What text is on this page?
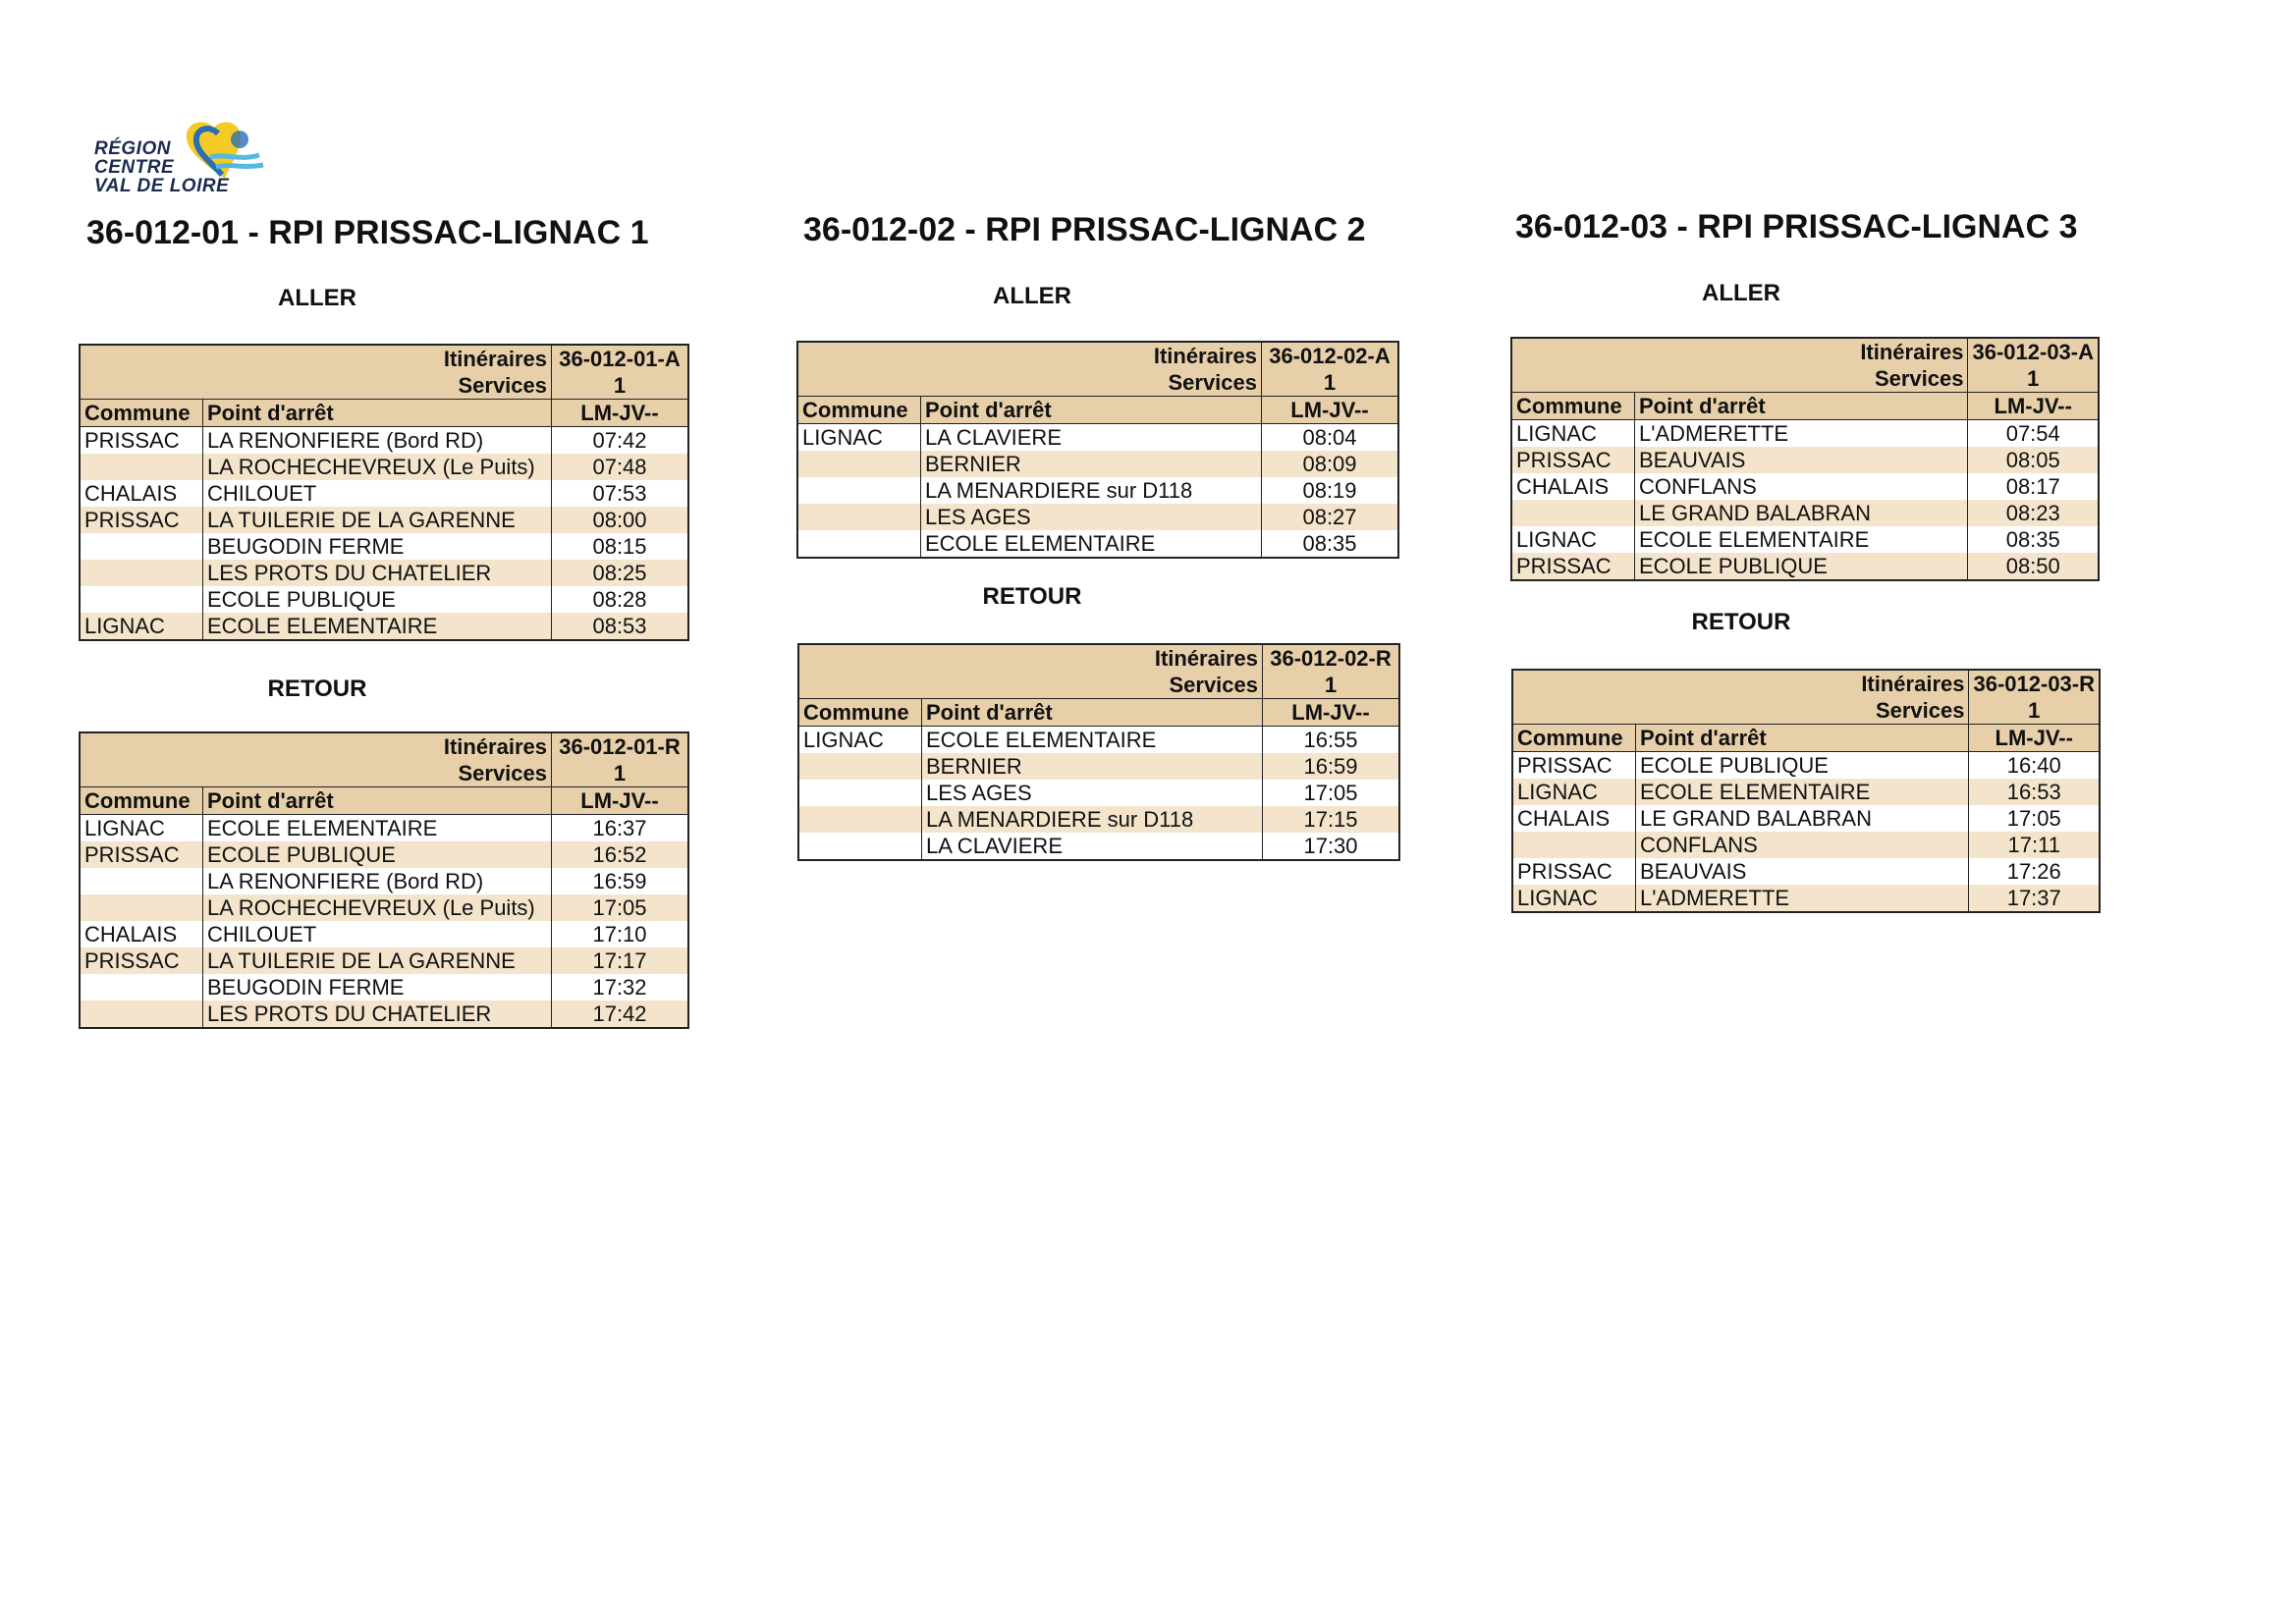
RÉGION
CENTRE
VAL DE LOIRE
36-012-01 - RPI PRISSAC-LIGNAC 1
ALLER
Itinéraires		36-012-01-A
Services		1
Commune	Point d'arrêt	LM-JV--
PRISSAC	LA RENONFIERE (Bord RD)	07:42
	LA ROCHECHEVREUX (Le Puits)	07:48
CHALAIS	CHILOUET	07:53
PRISSAC	LA TUILERIE DE LA GARENNE	08:00
	BEUGODIN FERME	08:15
	LES PROTS DU CHATELIER	08:25
	ECOLE PUBLIQUE	08:28
LIGNAC	ECOLE ELEMENTAIRE	08:53
RETOUR
Itinéraires		36-012-01-R
Services		1
Commune	Point d'arrêt	LM-JV--
LIGNAC	ECOLE ELEMENTAIRE	16:37
PRISSAC	ECOLE PUBLIQUE	16:52
	LA RENONFIERE (Bord RD)	16:59
	LA ROCHECHEVREUX (Le Puits)	17:05
CHALAIS	CHILOUET	17:10
PRISSAC	LA TUILERIE DE LA GARENNE	17:17
	BEUGODIN FERME	17:32
	LES PROTS DU CHATELIER	17:42
36-012-02 - RPI PRISSAC-LIGNAC 2
ALLER
Itinéraires		36-012-02-A
Services		1
Commune	Point d'arrêt	LM-JV--
LIGNAC	LA CLAVIERE	08:04
	BERNIER	08:09
	LA MENARDIERE sur D118	08:19
	LES AGES	08:27
	ECOLE ELEMENTAIRE	08:35
RETOUR
Itinéraires		36-012-02-R
Services		1
Commune	Point d'arrêt	LM-JV--
LIGNAC	ECOLE ELEMENTAIRE	16:55
	BERNIER	16:59
	LES AGES	17:05
	LA MENARDIERE sur D118	17:15
	LA CLAVIERE	17:30
36-012-03 - RPI PRISSAC-LIGNAC 3
ALLER
Itinéraires		36-012-03-A
Services		1
Commune	Point d'arrêt	LM-JV--
LIGNAC	L'ADMERETTE	07:54
PRISSAC	BEAUVAIS	08:05
CHALAIS	CONFLANS	08:17
	LE GRAND BALABRAN	08:23
LIGNAC	ECOLE ELEMENTAIRE	08:35
PRISSAC	ECOLE PUBLIQUE	08:50
RETOUR
Itinéraires		36-012-03-R
Services		1
Commune	Point d'arrêt	LM-JV--
PRISSAC	ECOLE PUBLIQUE	16:40
LIGNAC	ECOLE ELEMENTAIRE	16:53
CHALAIS	LE GRAND BALABRAN	17:05
	CONFLANS	17:11
PRISSAC	BEAUVAIS	17:26
LIGNAC	L'ADMERETTE	17:37
